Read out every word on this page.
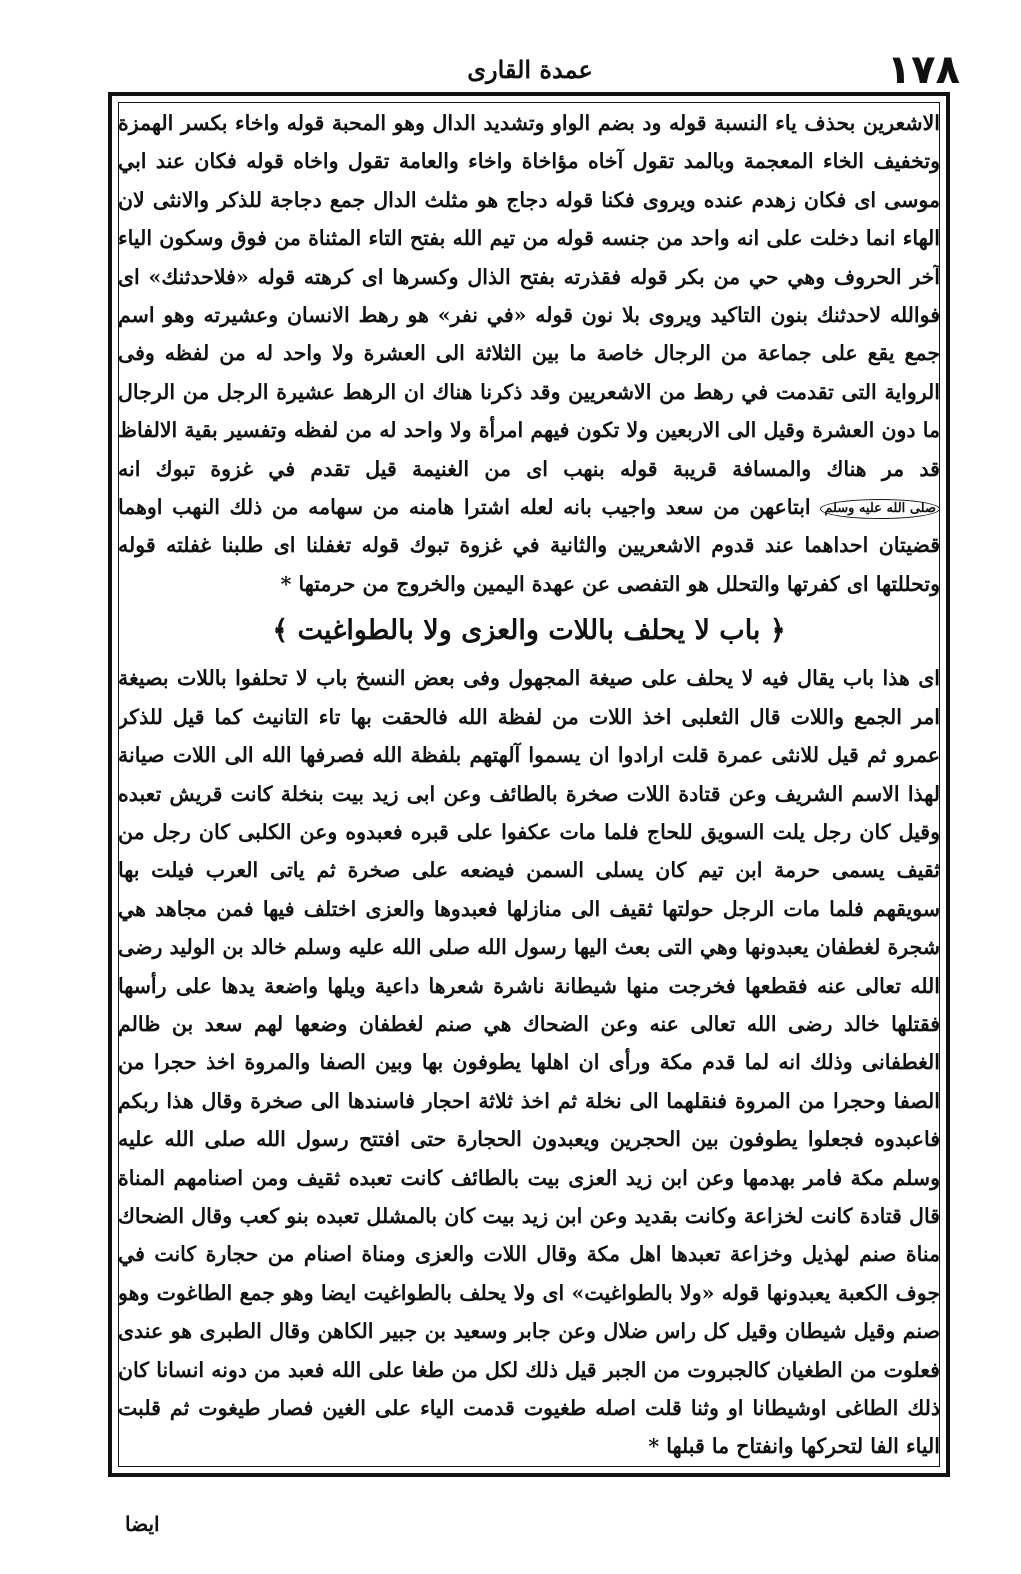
١٧٨
عمدة القارى

الاشعرين بحذف ياء النسبة قوله ود بضم الواو وتشديد الدال وهو المحبة قوله واخاء بكسر الهمزة وتخفيف الخاء المعجمة وبالمد تقول آخاه مؤاخاة واخاء والعامة تقول واخاه قوله فكان عند ابي موسى اى فكان زهدم عنده ويروى فكنا قوله دجاج هو مثلث الدال جمع دجاجة للذكر والانثى لان الهاء انما دخلت على انه واحد من جنسه قوله من تيم الله بفتح التاء المثناة من فوق وسكون الياء آخر الحروف وهي حي من بكر قوله فقذرته بفتح الذال وكسرها اى كرهته قوله «فلاحدثنك» اى فوالله لاحدثنك بنون التاكيد ويروى بلا نون قوله «في نفر» هو رهط الانسان وعشيرته وهو اسم جمع يقع على جماعة من الرجال خاصة ما بين الثلاثة الى العشرة ولا واحد له من لفظه وفى الرواية التى تقدمت في رهط من الاشعريين وقد ذكرنا هناك ان الرهط عشيرة الرجل من الرجال ما دون العشرة وقيل الى الاربعين ولا تكون فيهم امرأة ولا واحد له من لفظه وتفسير بقية الالفاظ قد مر هناك والمسافة قريبة قوله بنهب اى من الغنيمة قيل تقدم في غزوة تبوك انه صلى الله عليه وسلم ابتاعهن من سعد واجيب بانه لعله اشترا هامنه من سهامه من ذلك النهب اوهما قضيتان احداهما عند قدوم الاشعريين والثانية في غزوة تبوك قوله تغفلنا اى طلبنا غفلته قوله وتحللتها اى كفرتها والتحلل هو التفصى عن عهدة اليمين والخروج من حرمتها *

﴿ باب لا يحلف باللات والعزى ولا بالطواغيت ﴾

اى هذا باب يقال فيه لا يحلف على صيغة المجهول وفى بعض النسخ باب لا تحلفوا باللات بصيغة امر الجمع واللات قال الثعلبى اخذ اللات من لفظة الله فالحقت بها تاء التانيث كما قيل للذكر عمرو ثم قيل للانثى عمرة قلت ارادوا ان يسموا آلهتهم بلفظة الله فصرفها الله الى اللات صيانة لهذا الاسم الشريف وعن قتادة اللات صخرة بالطائف وعن ابى زيد بيت بنخلة كانت قريش تعبده وقيل كان رجل يلت السويق للحاج فلما مات عكفوا على قبره فعبدوه وعن الكلبى كان رجل من ثقيف يسمى حرمة ابن تيم كان يسلى السمن فيضعه على صخرة ثم ياتى العرب فيلت بها سويقهم فلما مات الرجل حولتها ثقيف الى منازلها فعبدوها والعزى اختلف فيها فمن مجاهد هي شجرة لغطفان يعبدونها وهي التى بعث اليها رسول الله صلى الله عليه وسلم خالد بن الوليد رضى الله تعالى عنه فقطعها فخرجت منها شيطانة ناشرة شعرها داعية ويلها واضعة يدها على رأسها فقتلها خالد رضى الله تعالى عنه وعن الضحاك هي صنم لغطفان وضعها لهم سعد بن ظالم الغطفانى وذلك انه لما قدم مكة ورأى ان اهلها يطوفون بها وبين الصفا والمروة اخذ حجرا من الصفا وحجرا من المروة فنقلهما الى نخلة ثم اخذ ثلاثة احجار فاسندها الى صخرة وقال هذا ربكم فاعبدوه فجعلوا يطوفون بين الحجرين ويعبدون الحجارة حتى افتتح رسول الله صلى الله عليه وسلم مكة فامر بهدمها وعن ابن زيد العزى بيت بالطائف كانت تعبده ثقيف ومن اصنامهم المناة قال قتادة كانت لخزاعة وكانت بقديد وعن ابن زيد بيت كان بالمشلل تعبده بنو كعب وقال الضحاك مناة صنم لهذيل وخزاعة تعبدها اهل مكة وقال اللات والعزى ومناة اصنام من حجارة كانت في جوف الكعبة يعبدونها قوله «ولا بالطواغيت» اى ولا يحلف بالطواغيت ايضا وهو جمع الطاغوت وهو صنم وقيل شيطان وقيل كل راس ضلال وعن جابر وسعيد بن جبير الكاهن وقال الطبرى هو عندى فعلوت من الطغيان كالجبروت من الجبر قيل ذلك لكل من طغا على الله فعبد من دونه انسانا كان ذلك الطاغى اوشيطانا او وثنا قلت اصله طغيوت قدمت الياء على الغين فصار طيغوت ثم قلبت الياء الفا لتحركها وانفتاح ما قبلها *

ايضا
